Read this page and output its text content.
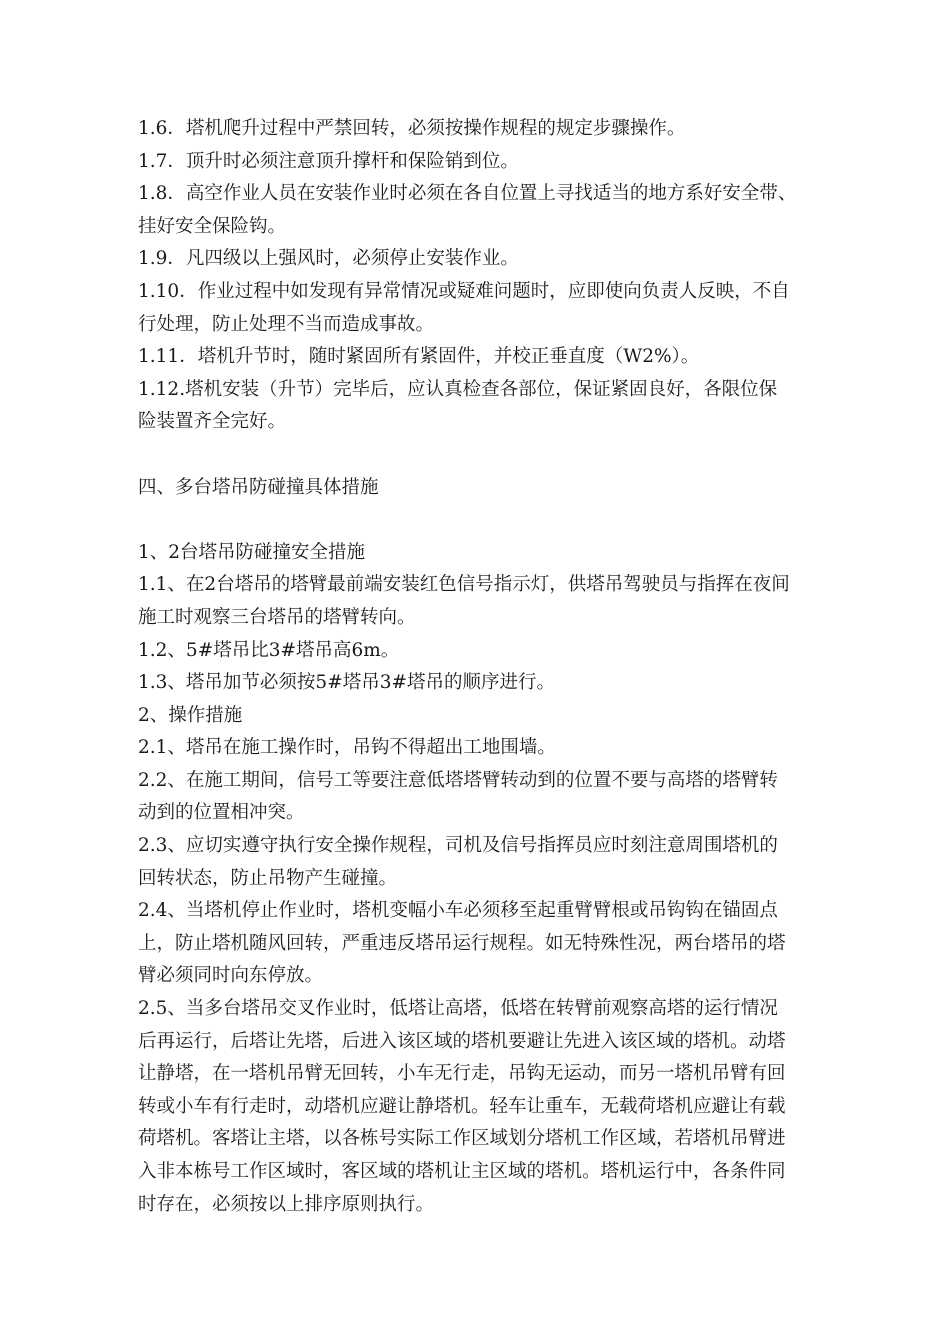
1.6．塔机爬升过程中严禁回转，必须按操作规程的规定步骤操作。
1.7．顶升时必须注意顶升撑杆和保险销到位。
1.8．高空作业人员在安装作业时必须在各自位置上寻找适当的地方系好安全带、
挂好安全保险钩。
1.9．凡四级以上强风时，必须停止安装作业。
1.10．作业过程中如发现有异常情况或疑难问题时，应即使向负责人反映，不自
行处理，防止处理不当而造成事故。
1.11．塔机升节时，随时紧固所有紧固件，并校正垂直度（W2%）。
1.12.塔机安装（升节）完毕后，应认真检查各部位，保证紧固良好，各限位保
险装置齐全完好。
四、多台塔吊防碰撞具体措施
1、2台塔吊防碰撞安全措施
1.1、在2台塔吊的塔臂最前端安装红色信号指示灯，供塔吊驾驶员与指挥在夜间
施工时观察三台塔吊的塔臂转向。
1.2、5#塔吊比3#塔吊高6m。
1.3、塔吊加节必须按5#塔吊3#塔吊的顺序进行。
2、操作措施
2.1、塔吊在施工操作时，吊钩不得超出工地围墙。
2.2、在施工期间，信号工等要注意低塔塔臂转动到的位置不要与高塔的塔臂转
动到的位置相冲突。
2.3、应切实遵守执行安全操作规程，司机及信号指挥员应时刻注意周围塔机的
回转状态，防止吊物产生碰撞。
2.4、当塔机停止作业时，塔机变幅小车必须移至起重臂臂根或吊钩钩在锚固点
上，防止塔机随风回转，严重违反塔吊运行规程。如无特殊性况，两台塔吊的塔
臂必须同时向东停放。
2.5、当多台塔吊交叉作业时，低塔让高塔，低塔在转臂前观察高塔的运行情况
后再运行，后塔让先塔，后进入该区域的塔机要避让先进入该区域的塔机。动塔
让静塔，在一塔机吊臂无回转，小车无行走，吊钩无运动，而另一塔机吊臂有回
转或小车有行走时，动塔机应避让静塔机。轻车让重车，无载荷塔机应避让有载
荷塔机。客塔让主塔，以各栋号实际工作区域划分塔机工作区域，若塔机吊臂进
入非本栋号工作区域时，客区域的塔机让主区域的塔机。塔机运行中，各条件同
时存在，必须按以上排序原则执行。
